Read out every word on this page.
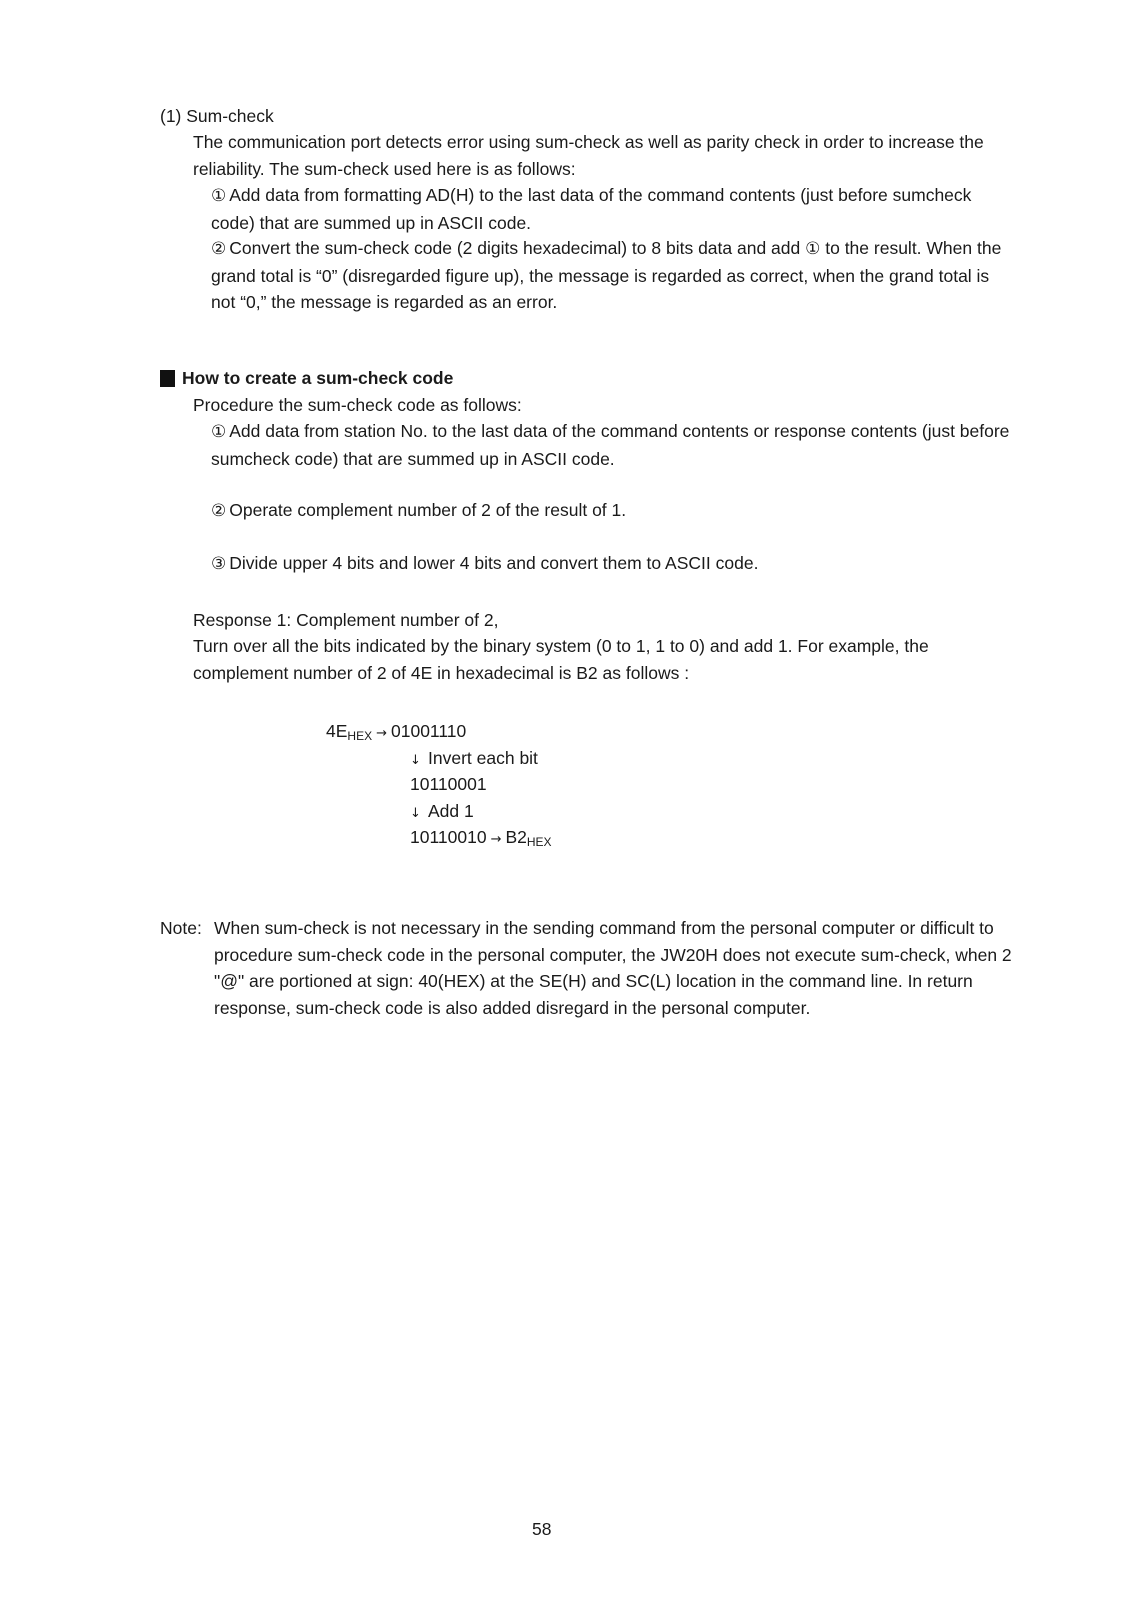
(1) Sum-check
The communication port detects error using sum-check as well as parity check in order to increase the reliability. The sum-check used here is as follows:
① Add data from formatting AD(H) to the last data of the command contents (just before sumcheck code) that are summed up in ASCII code.
② Convert the sum-check code (2 digits hexadecimal) to 8 bits data and add ① to the result. When the grand total is “0” (disregarded figure up), the message is regarded as correct, when the grand total is not “0,” the message is regarded as an error.
How to create a sum-check code
Procedure the sum-check code as follows:
① Add data from station No. to the last data of the command contents or response contents (just before sumcheck code) that are summed up in ASCII code.
② Operate complement number of 2 of the result of 1.
③ Divide upper 4 bits and lower 4 bits and convert them to ASCII code.
Response 1: Complement number of 2,
Turn over all the bits indicated by the binary system (0 to 1, 1 to 0) and add 1. For example, the complement number of 2 of 4E in hexadecimal is B2 as follows :
4EHEX → 01001110
↓ Invert each bit
10110001
↓ Add 1
10110010 → B2HEX
Note: When sum-check is not necessary in the sending command from the personal computer or difficult to procedure sum-check code in the personal computer, the JW20H does not execute sum-check, when 2 "@" are portioned at sign: 40(HEX) at the SE(H) and SC(L) location in the command line. In return response, sum-check code is also added disregard in the personal computer.
58
